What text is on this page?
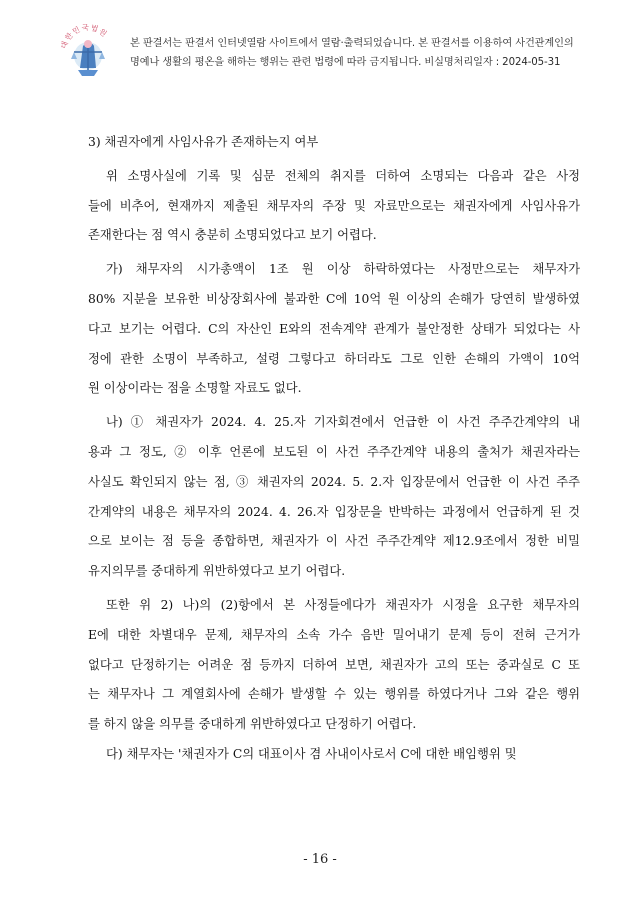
대한민국법원
본 판결서는 판결서 인터넷열람 사이트에서 열람·출력되었습니다. 본 판결서를 이용하여 사건관계인의
명예나 생활의 평온을 해하는 행위는 관련 법령에 따라 금지됩니다. 비실명처리일자 : 2024-05-31
3) 채권자에게 사임사유가 존재하는지 여부
위 소명사실에 기록 및 심문 전체의 취지를 더하여 소명되는 다음과 같은 사정
들에 비추어, 현재까지 제출된 채무자의 주장 및 자료만으로는 채권자에게 사임사유가
존재한다는 점 역시 충분히 소명되었다고 보기 어렵다.
가) 채무자의 시가총액이 1조 원 이상 하락하였다는 사정만으로는 채무자가
80% 지분을 보유한 비상장회사에 불과한 C에 10억 원 이상의 손해가 당연히 발생하였
다고 보기는 어렵다. C의 자산인 E와의 전속계약 관계가 불안정한 상태가 되었다는 사
정에 관한 소명이 부족하고, 설령 그렇다고 하더라도 그로 인한 손해의 가액이 10억
원 이상이라는 점을 소명할 자료도 없다.
나) ① 채권자가 2024. 4. 25.자 기자회견에서 언급한 이 사건 주주간계약의 내
용과 그 정도, ② 이후 언론에 보도된 이 사건 주주간계약 내용의 출처가 채권자라는
사실도 확인되지 않는 점, ③ 채권자의 2024. 5. 2.자 입장문에서 언급한 이 사건 주주
간계약의 내용은 채무자의 2024. 4. 26.자 입장문을 반박하는 과정에서 언급하게 된 것
으로 보이는 점 등을 종합하면, 채권자가 이 사건 주주간계약 제12.9조에서 정한 비밀
유지의무를 중대하게 위반하였다고 보기 어렵다.
또한 위 2) 나)의 (2)항에서 본 사정들에다가 채권자가 시정을 요구한 채무자의
E에 대한 차별대우 문제, 채무자의 소속 가수 음반 밀어내기 문제 등이 전혀 근거가
없다고 단정하기는 어려운 점 등까지 더하여 보면, 채권자가 고의 또는 중과실로 C 또
는 채무자나 그 계열회사에 손해가 발생할 수 있는 행위를 하였다거나 그와 같은 행위
를 하지 않을 의무를 중대하게 위반하였다고 단정하기 어렵다.
다) 채무자는 '채권자가 C의 대표이사 겸 사내이사로서 C에 대한 배임행위 및
- 16 -
